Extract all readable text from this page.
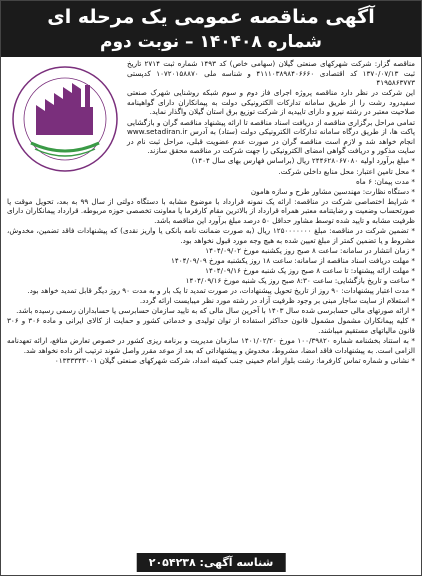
آگهی مناقصه عمومی یک مرحله ای
شماره ۱۴۰۴۰۸ – نوبت دوم

مناقصه گزار: شرکت شهرکهای صنعتی گیلان (سهامی خاص) کد ۱۴۹۳ شماره ثبت ۲۷۱۴ تاریخ ثبت ۱۳۷۰/۰۷/۱۳ کد اقتصادی ۴۱۱۱۰۳۸۹۸۴۰۶۶۶۰ و شناسه ملی ۱۰۷۲۰۱۵۸۸۷۰ کدپستی ۴۱۹۵۸۶۳۷۷۳

این شرکت در نظر دارد مناقصه پروژه اجرای فاز دوم و سوم شبکه روشنایی شهرک صنعتی سفیدرود رشت را از طریق سامانه تدارکات الکترونیکی دولت به پیمانکاران دارای گواهینامه صلاحیت معتبر در رشته نیرو و دارای تاییدیه از شرکت توزیع برق استان گیلان واگذار نماید.

تمامی مراحل برگزاری مناقصه از دریافت اسناد مناقصه تا ارائه پیشنهاد مناقصه گران و بازگشایی پاکت ها، از طریق درگاه سامانه تدارکات الکترونیکی دولت (ستاد) به آدرس www.setadiran.ir انجام خواهد شد و لازم است مناقصه گران در صورت عدم عضویت قبلی، مراحل ثبت نام در سایت مذکور و دریافت گواهی امضای الکترونیکی را جهت شرکت در مناقصه محقق سازند.

* مبلغ برآورد اولیه ۲۴۴۶۲۸۰۶۷۰۸۰ ریال (براساس فهارس بهای سال ۱۴۰۴)

* محل تامین اعتبار: محل منابع داخلی شرکت.

* مدت پیمان: ۶ ماه

* دستگاه نظارت: مهندسین مشاور طرح و سازه هامون

* شرایط اختصاصی شرکت در مناقصه: ارائه یک نمونه قرارداد با موضوع مشابه با دستگاه دولتی از سال ۹۹ به بعد، تحویل موقت یا صورتحساب وضعیت و رضایتنامه معتبر همراه قرارداد از بالاترین مقام کارفرما یا معاونت تخصصی حوزه مربوطه. قرارداد پیمانکاران دارای ظرفیت مشابه و تایید شده توسط مشاور حداقل ۵۰ درصد مبلغ برآورد این مناقصه باشد.

* تضمین شرکت در مناقصه: مبلغ ۱۲۵۰۰۰۰۰۰۰ ریال (به صورت ضمانت نامه بانکی یا واریز نقدی) که پیشنهادات فاقد تضمین، مخدوش، مشروط و یا تضمین کمتر از مبلغ تعیین شده به هیچ وجه مورد قبول نخواهد بود.

* زمان انتشار در سامانه: ساعت ۸ صبح روز یکشنبه مورخ ۱۴۰۴/۰۹/۰۲

* مهلت دریافت اسناد مناقصه از سامانه: ساعت ۱۸ روز یکشنبه مورخ ۱۴۰۴/۰۹/۰۹

* مهلت ارائه پیشنهاد: تا ساعت ۸ صبح روز یک شنبه مورخ ۱۴۰۴/۰۹/۱۶

* ساعت و تاریخ بازگشایی: ساعت ۸:۳۰ صبح روز یک شنبه مورخ ۱۴۰۴/۰۹/۱۶

* مدت اعتبار پیشنهادات: ۹۰ روز از تاریخ تحویل پیشنهادات، در صورت تمدید تا یک بار و به مدت ۹۰ روز دیگر قابل تمدید خواهد بود.

* استعلام از سایت ساجار مبنی بر وجود ظرفیت آزاد در رشته مورد نظر میبایست ارائه گردد.

* ارائه صورتهای مالی حسابرسی شده سال ۱۴۰۳ با آخرین سال مالی که به تایید سازمان حسابرسی یا حسابداران رسمی رسیده باشد.

* کلیه پیمانکاران مشمول مشمول قانون حداکثر استفاده از توان تولیدی و خدماتی کشور و حمایت از کالای ایرانی و ماده ۳۰۶ و ۳۰۶ قانون مالیاتهای مستقیم میباشند.

* به استناد بخشنامه شماره ۱۰۰/۳۹۸۲۰ مورخ ۱۴۰۱/۰۲/۲۰ سازمان مدیریت و برنامه ریزی کشور در خصوص تعارض منافع، ارائه تعهدنامه الزامی است. به پیشنهادات فاقد امضا، مشروط، مخدوش و پیشنهاداتی که بعد از موعد مقرر واصل شوند ترتیب اثر داده نخواهد شد.

* نشانی و شماره تماس کارفرما: رشت بلوار امام خمینی جنب کمیته امداد، شرکت شهرکهای صنعتی گیلان ۰۱۳۳۳۳۴۳۰۰۱

شناسه آگهی: ۲۰۵۴۲۳۸
